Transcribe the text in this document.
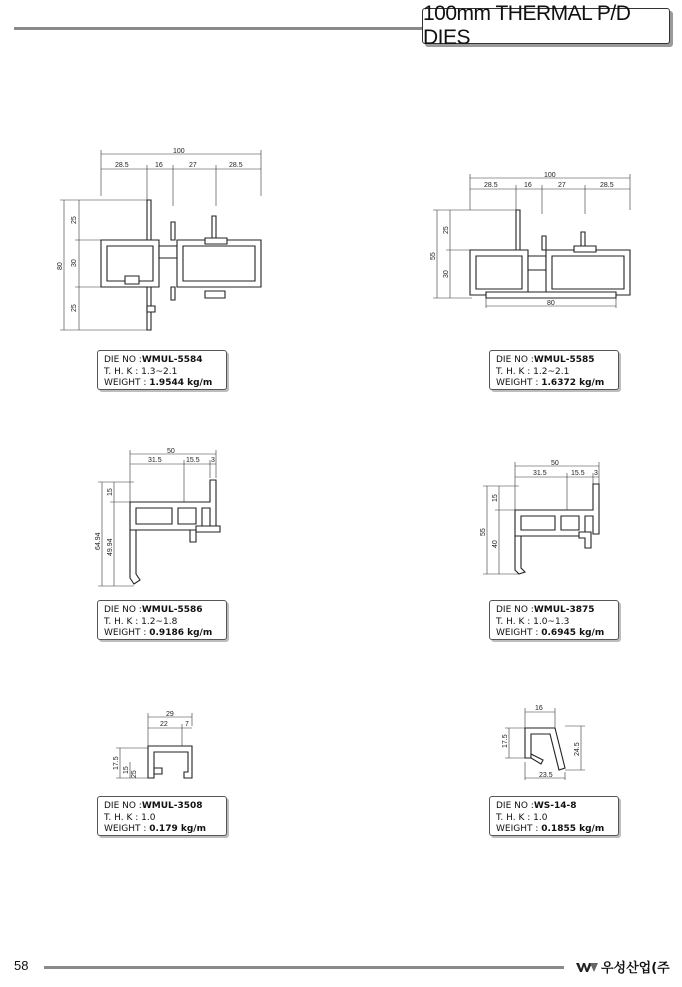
100mm THERMAL P/D DIES
100
28.5	16	27	28.5
80
25
30
25
DIE NO :WMUL-5584
T. H. K : 1.3~2.1
WEIGHT : 1.9544 kg/m
100
28.5	16	27	28.5
55
25
30
80
DIE NO :WMUL-5585
T. H. K : 1.2~2.1
WEIGHT : 1.6372 kg/m
50
31.5	15.5 3
64.94
15
49.94
DIE NO :WMUL-5586
T. H. K : 1.2~1.8
WEIGHT : 0.9186 kg/m
50
31.5	15.5 3
55
15
40
DIE NO :WMUL-3875
T. H. K : 1.0~1.3
WEIGHT : 0.6945 kg/m
29
22 7
17.5
15
25
DIE NO :WMUL-3508
T. H. K : 1.0
WEIGHT : 0.179 kg/m
16
17.5
24.5
23.5
DIE NO :WS-14-8
T. H. K : 1.0
WEIGHT : 0.1855 kg/m
58	우성산업(주
